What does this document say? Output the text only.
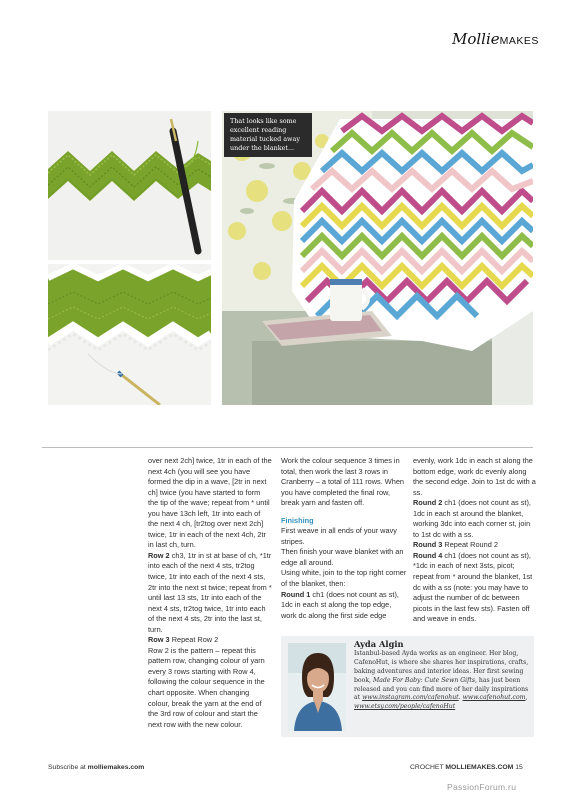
MollieMAKES
That looks like some excellent reading material tucked away under the blanket...

over next 2ch] twice, 1tr in each of the next 4ch (you will see you have formed the dip in a wave, [2tr in next ch] twice (you have started to form the tip of the wave; repeat from * until you have 13ch left, 1tr into each of the next 4 ch, [tr2tog over next 2ch] twice, 1tr in each of the next 4ch, 2tr in last ch, turn.

Row 2 ch3, 1tr in st at base of ch, *1tr into each of the next 4 sts, tr2tog twice, 1tr into each of the next 4 sts, 2tr into the next st twice; repeat from * until last 13 sts, 1tr into each of the next 4 sts, tr2tog twice, 1tr into each of the next 4 sts, 2tr into the last st, turn.

Row 3 Repeat Row 2

Row 2 is the pattern – repeat this pattern row, changing colour of yarn every 3 rows starting with Row 4, following the colour sequence in the chart opposite. When changing colour, break the yarn at the end of the 3rd row of colour and start the next row with the new colour.

Work the colour sequence 3 times in total, then work the last 3 rows in Cranberry – a total of 111 rows. When you have completed the final row, break yarn and fasten off.

Finishing

First weave in all ends of your wavy stripes.

Then finish your wave blanket with an edge all around.

Using white, join to the top right corner of the blanket, then:

Round 1 ch1 (does not count as st), 1dc in each st along the top edge, work dc along the first side edge

evenly, work 1dc in each st along the bottom edge, work dc evenly along the second edge. Join to 1st dc with a ss.

Round 2 ch1 (does not count as st), 1dc in each st around the blanket, working 3dc into each corner st, join to 1st dc with a ss.

Round 3 Repeat Round 2

Round 4 ch1 (does not count as st), *1dc in each of next 3sts, picot; repeat from * around the blanket, 1st dc with a ss (note: you may have to adjust the number of dc between picots in the last few sts). Fasten off and weave in ends.

Ayda Algin
Istanbul-based Ayda works as an engineer. Her blog, CafenoHut, is where she shares her inspirations, crafts, baking adventures and interior ideas. Her first sewing book, Made For Baby: Cute Sewn Gifts, has just been released and you can find more of her daily inspirations at www.instagram.com/cafenohut. www.cafenohut.com, www.etsy.com/people/cafenoHut
Subscribe at molliemakes.com	CROCHET MOLLIEMAKES.COM 15
PassionForum.ru
